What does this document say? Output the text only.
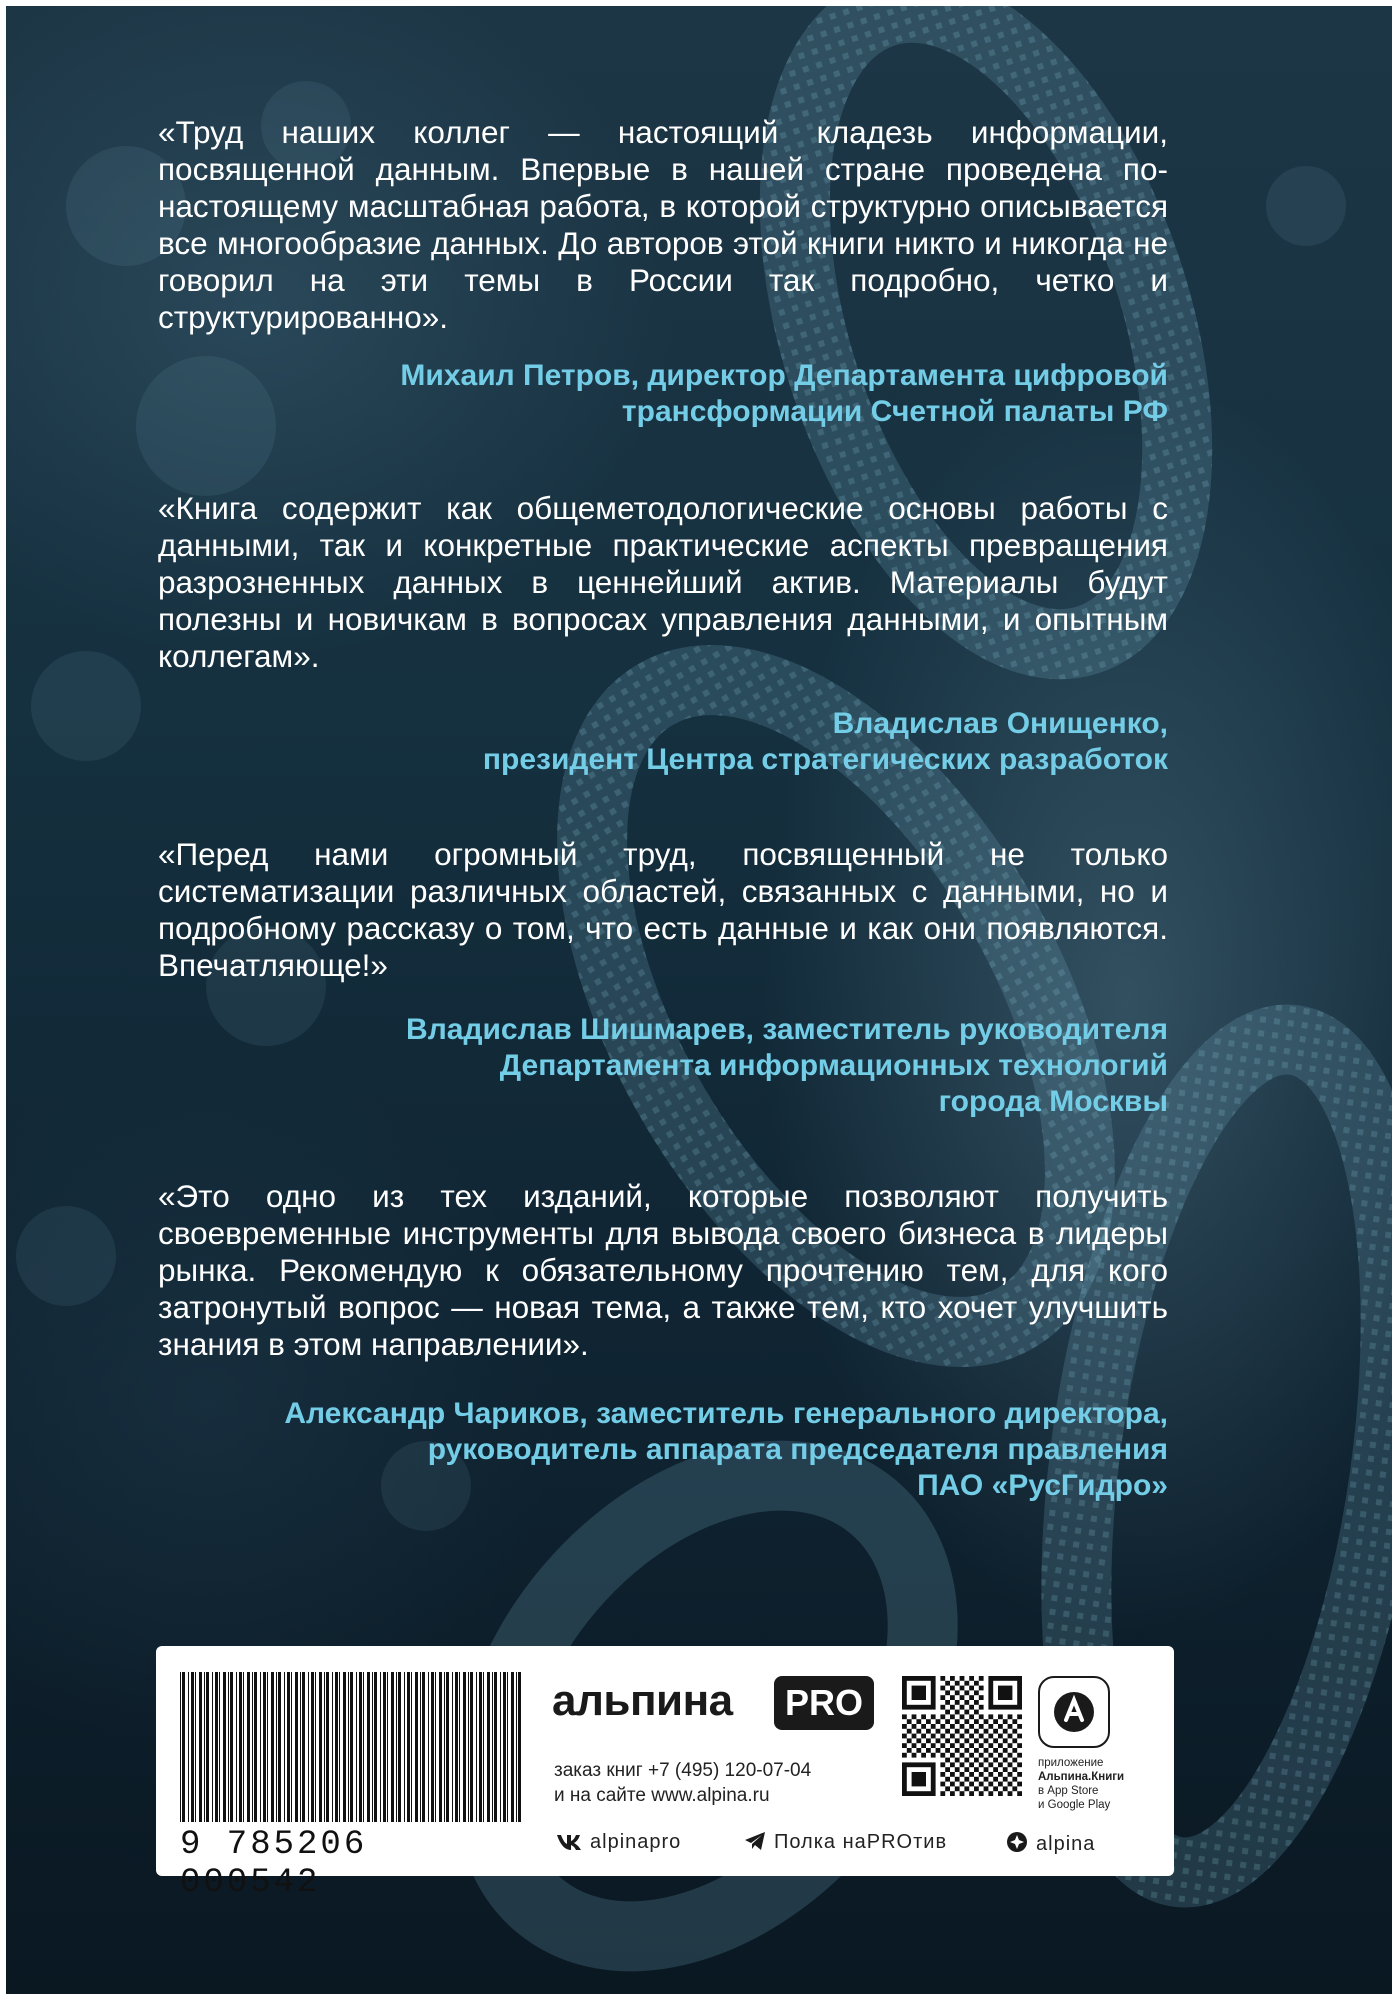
«Труд наших коллег — настоящий кладезь информации, посвященной данным. Впервые в нашей стране проведена по-настоящему масштабная работа, в которой структурно описывается все многообразие данных. До авторов этой книги никто и никогда не говорил на эти темы в России так подробно, четко и структурированно».

Михаил Петров, директор Департамента цифровой
трансформации Счетной палаты РФ

«Книга содержит как общеметодологические основы работы с данными, так и конкретные практические аспекты превращения разрозненных данных в ценнейший актив. Материалы будут полезны и новичкам в вопросах управления данными, и опытным коллегам».

Владислав Онищенко,
президент Центра стратегических разработок

«Перед нами огромный труд, посвященный не только систематизации различных областей, связанных с данными, но и подробному рассказу о том, что есть данные и как они появляются. Впечатляюще!»

Владислав Шишмарев, заместитель руководителя
Департамента информационных технологий
города Москвы

«Это одно из тех изданий, которые позволяют получить своевременные инструменты для вывода своего бизнеса в лидеры рынка. Рекомендую к обязательному прочтению тем, для кого затронутый вопрос — новая тема, а также тем, кто хочет улучшить знания в этом направлении».

Александр Чариков, заместитель генерального директора,
руководитель аппарата председателя правления
ПАО «РусГидро»

9 785206 000542
альпина	PRO
заказ книг +7 (495) 120-07-04
и на сайте www.alpina.ru
приложение
Альпина.Книги
в App Store
и Google Play
alpinapro	Полка наPROтив	alpina
